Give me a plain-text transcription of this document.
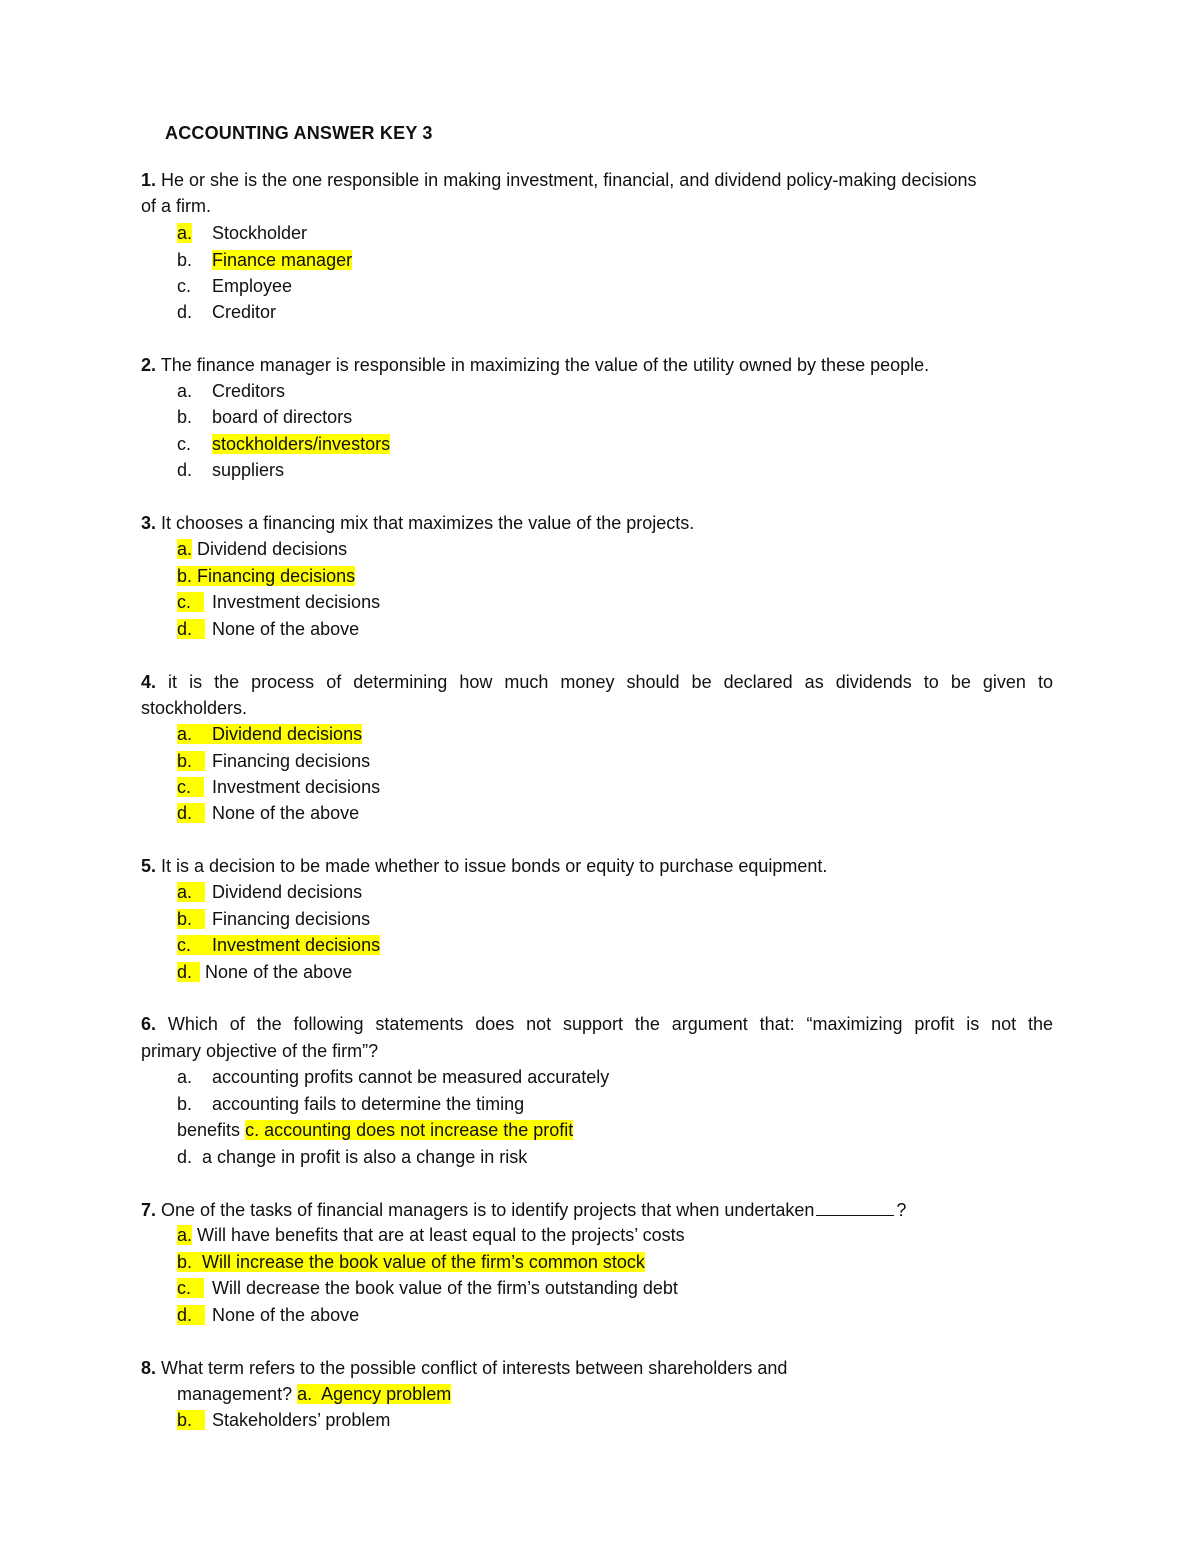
ACCOUNTING ANSWER KEY 3
1. He or she is the one responsible in making investment, financial, and dividend policy-making decisions
of a firm.
a. Stockholder
b. Finance manager
c. Employee
d. Creditor
2. The finance manager is responsible in maximizing the value of the utility owned by these people.
a. Creditors
b. board of directors
c. stockholders/investors
d. suppliers
3. It chooses a financing mix that maximizes the value of the projects.
a. Dividend decisions
b. Financing decisions
c. Investment decisions
d. None of the above
4. it is the process of determining how much money should be declared as dividends to be given to
stockholders.
a. Dividend decisions
b. Financing decisions
c. Investment decisions
d. None of the above
5. It is a decision to be made whether to issue bonds or equity to purchase equipment.
a. Dividend decisions
b. Financing decisions
c. Investment decisions
d. None of the above
6. Which of the following statements does not support the argument that: “maximizing profit is not the
primary objective of the firm”?
a. accounting profits cannot be measured accurately
b. accounting fails to determine the timing
benefits c. accounting does not increase the profit
d. a change in profit is also a change in risk
7. One of the tasks of financial managers is to identify projects that when undertaken	?
a. Will have benefits that are at least equal to the projects’ costs
b. Will increase the book value of the firm’s common stock
c. Will decrease the book value of the firm’s outstanding debt
d. None of the above
8. What term refers to the possible conflict of interests between shareholders and
management? a. Agency problem
b. Stakeholders’ problem
